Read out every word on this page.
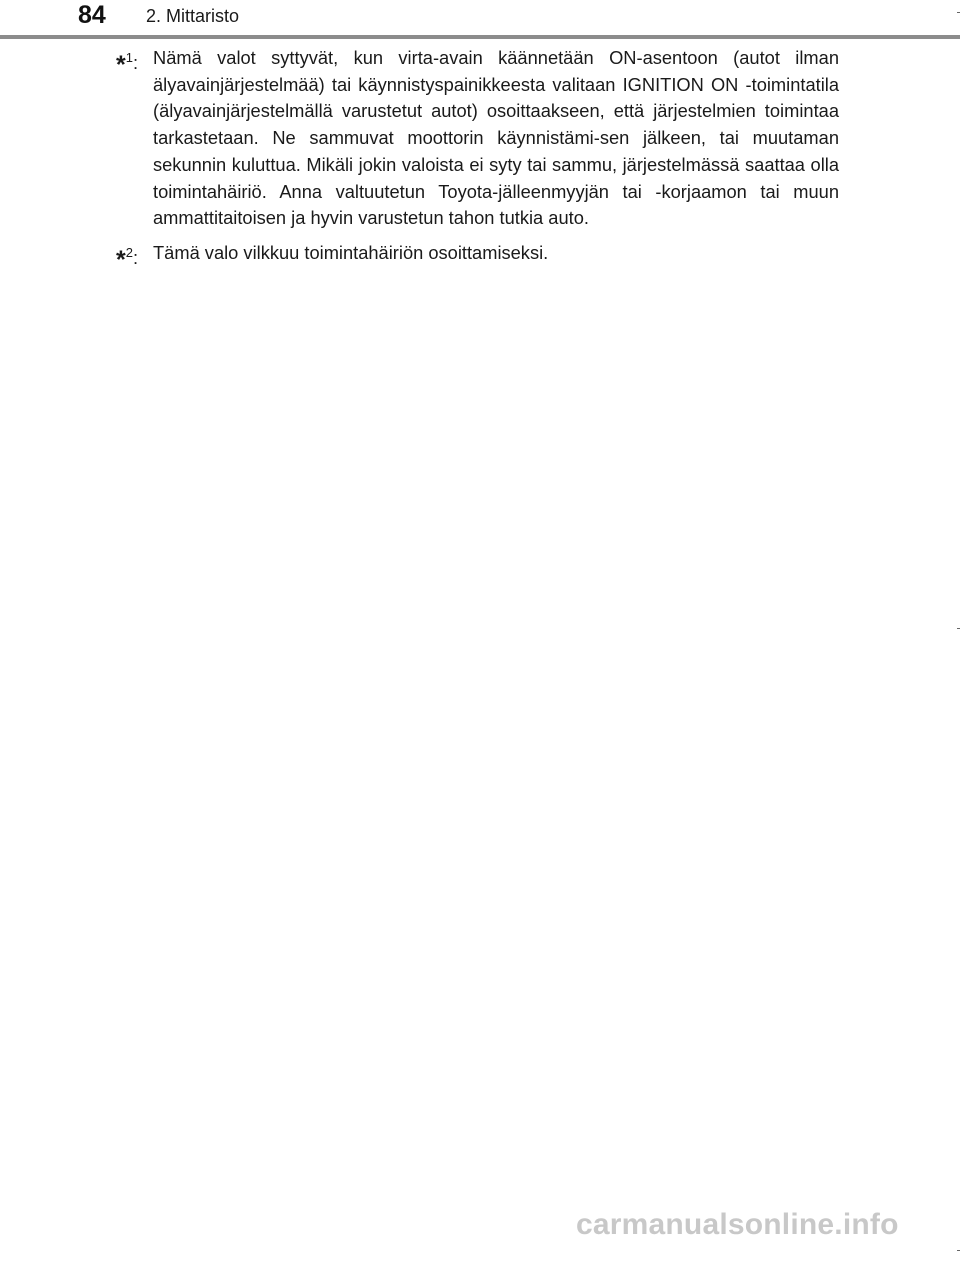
84 2. Mittaristo
*$^1$: Nämä valot syttyvät, kun virta-avain käännetään ON-asentoon (autot ilman älyavainjärjestelmää) tai käynnistyspainikkeesta valitaan IGNITION ON -toimintatila (älyavainjärjestelmällä varustetut autot) osoittaakseen, että järjestelmien toimintaa tarkastetaan. Ne sammuvat moottorin käynnistämi-sen jälkeen, tai muutaman sekunnin kuluttua. Mikäli jokin valoista ei syty tai sammu, järjestelmässä saattaa olla toimintahäiriö. Anna valtuutetun Toyota-jälleenmyyjän tai -korjaamon tai muun ammattitaitoisen ja hyvin varustetun tahon tutkia auto.
*$^2$: Tämä valo vilkkuu toimintahäiriön osoittamiseksi.
carmanualsonline.info
